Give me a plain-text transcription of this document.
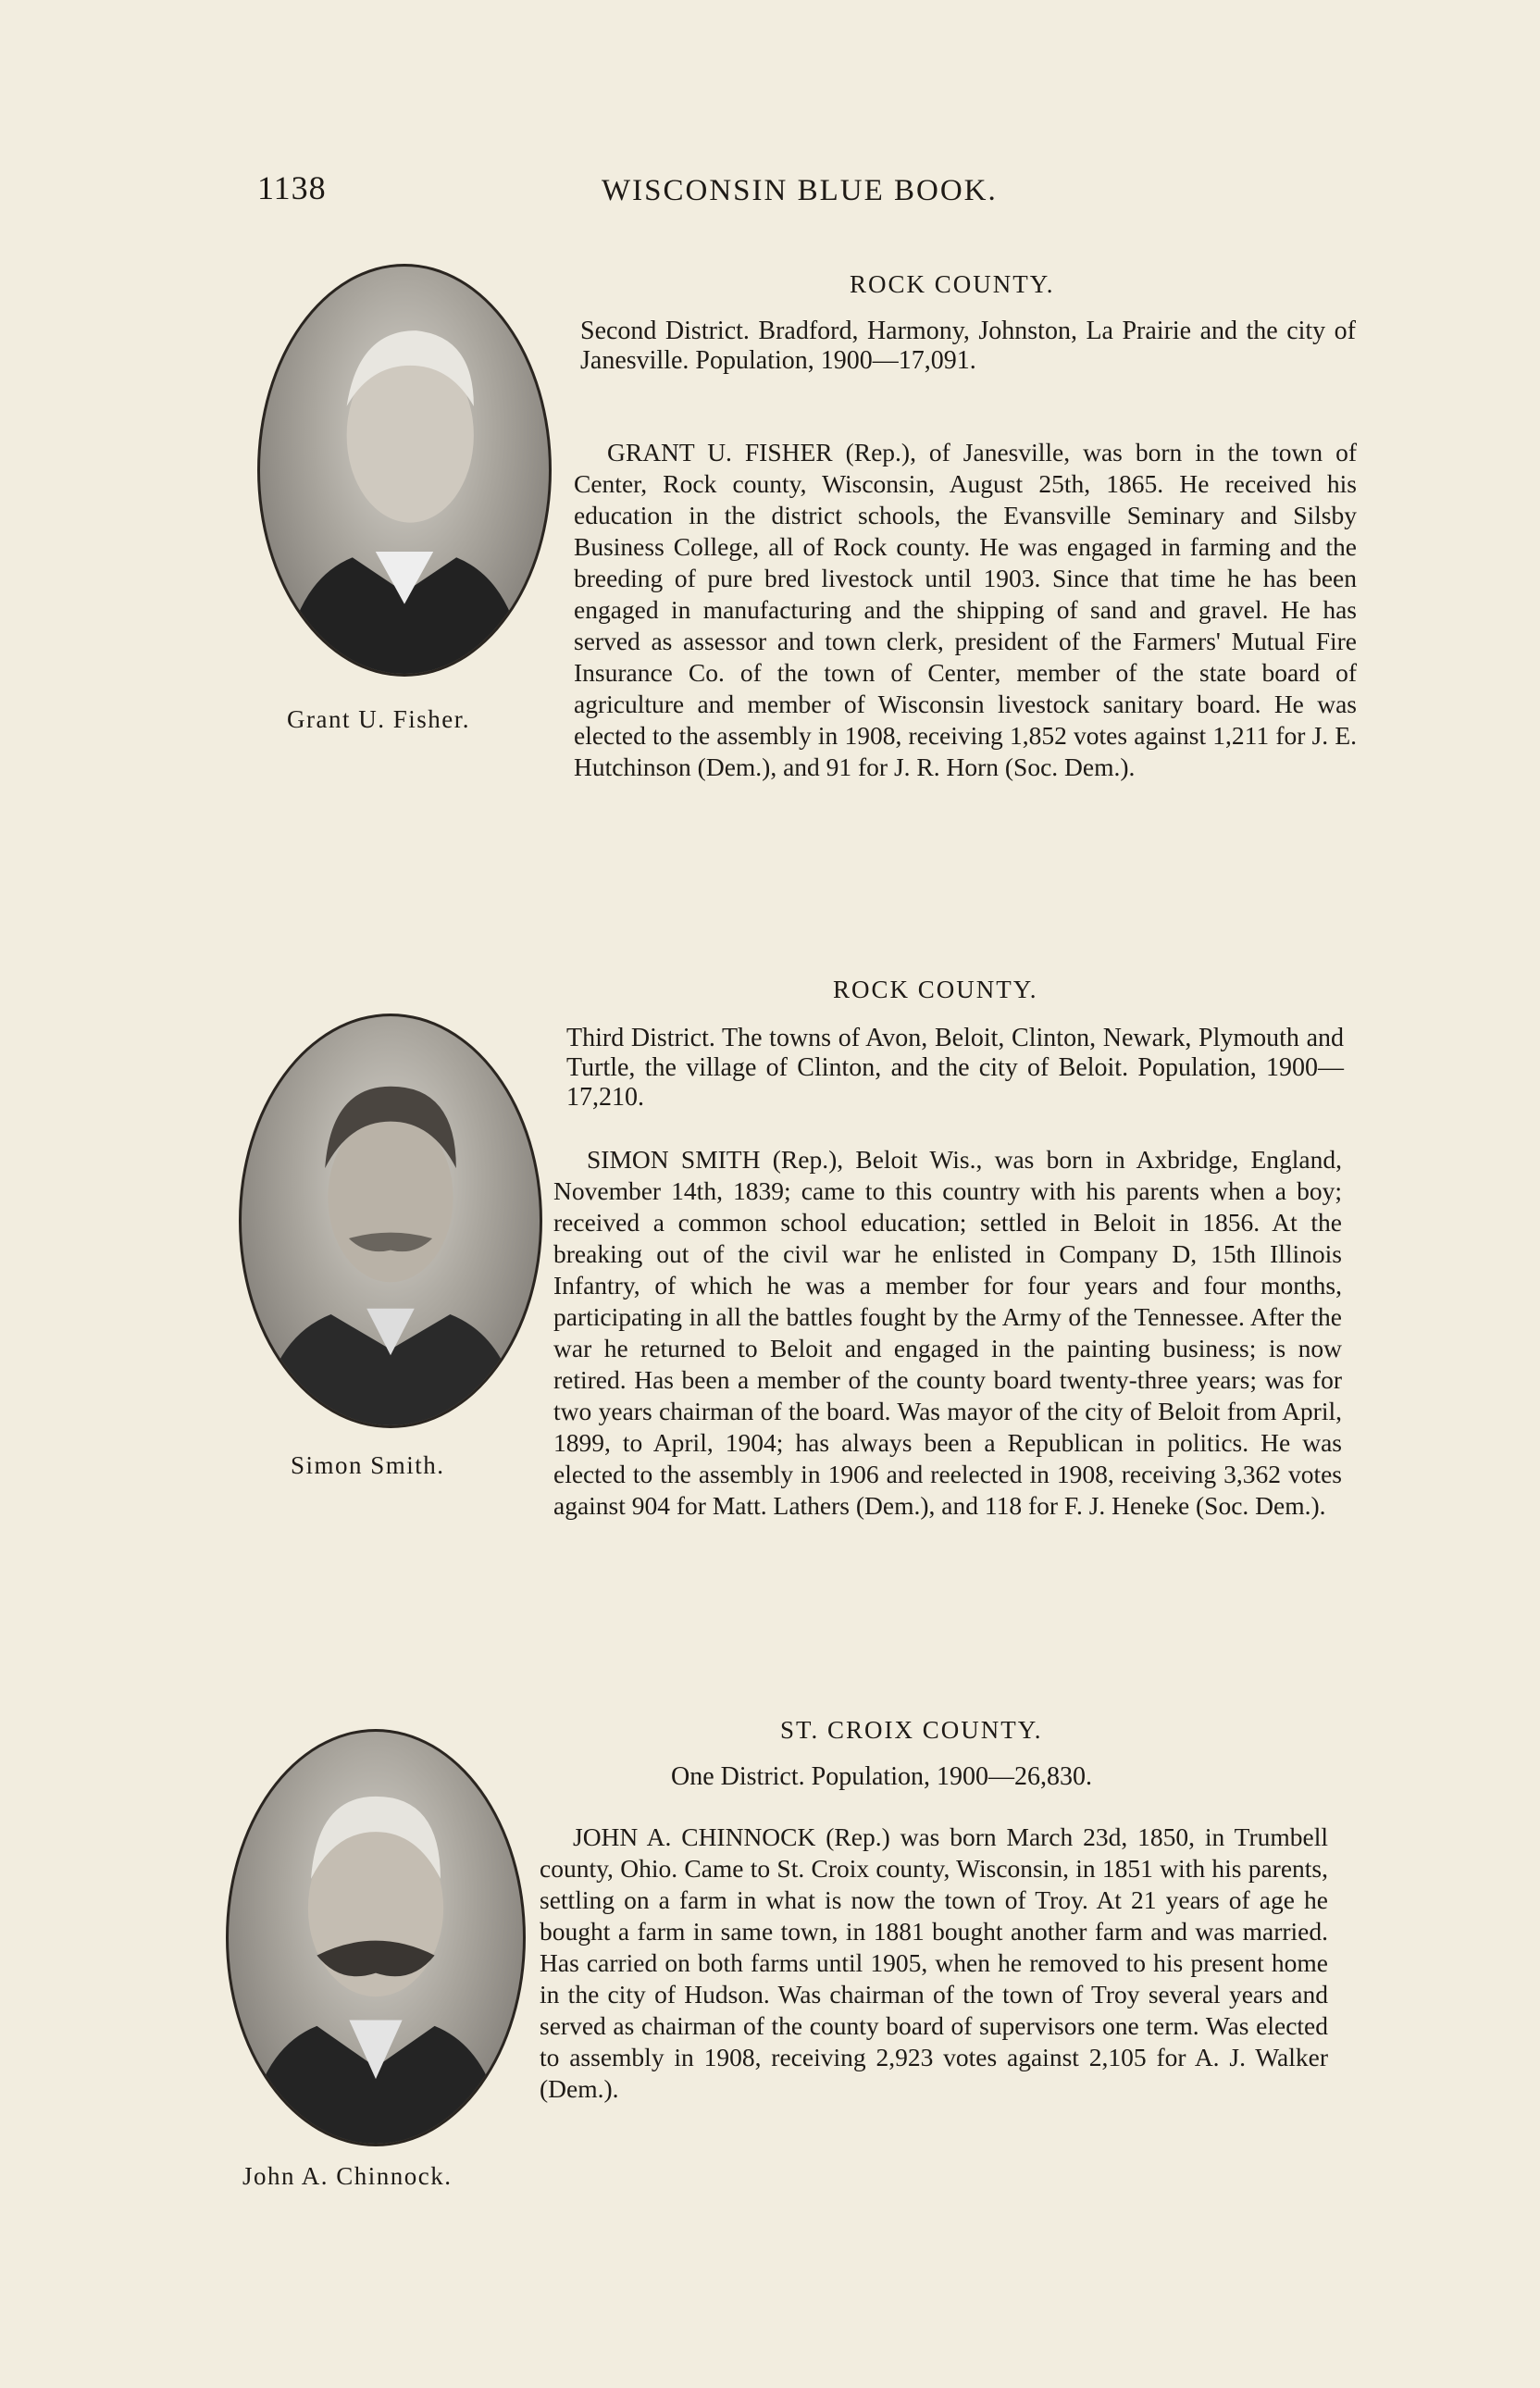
1138	WISCONSIN BLUE BOOK.
Grant U. Fisher.
ROCK COUNTY.
Second District. Bradford, Harmony, Johnston, La Prairie and the city of Janesville. Population, 1900—17,091.
GRANT U. FISHER (Rep.), of Janesville, was born in the town of Center, Rock county, Wisconsin, August 25th, 1865. He received his education in the district schools, the Evansville Seminary and Silsby Business College, all of Rock county. He was engaged in farming and the breeding of pure bred livestock until 1903. Since that time he has been engaged in manufacturing and the shipping of sand and gravel. He has served as assessor and town clerk, president of the Farmers' Mutual Fire Insurance Co. of the town of Center, member of the state board of agriculture and member of Wisconsin livestock sanitary board. He was elected to the assembly in 1908, receiving 1,852 votes against 1,211 for J. E. Hutchinson (Dem.), and 91 for J. R. Horn (Soc. Dem.).
Simon Smith.
ROCK COUNTY.
Third District. The towns of Avon, Beloit, Clinton, Newark, Plymouth and Turtle, the village of Clinton, and the city of Beloit. Population, 1900—17,210.
SIMON SMITH (Rep.), Beloit Wis., was born in Axbridge, England, November 14th, 1839; came to this country with his parents when a boy; received a common school education; settled in Beloit in 1856. At the breaking out of the civil war he enlisted in Company D, 15th Illinois Infantry, of which he was a member for four years and four months, participating in all the battles fought by the Army of the Tennessee. After the war he returned to Beloit and engaged in the painting business; is now retired. Has been a member of the county board twenty-three years; was for two years chairman of the board. Was mayor of the city of Beloit from April, 1899, to April, 1904; has always been a Republican in politics. He was elected to the assembly in 1906 and reelected in 1908, receiving 3,362 votes against 904 for Matt. Lathers (Dem.), and 118 for F. J. Heneke (Soc. Dem.).
John A. Chinnock.
ST. CROIX COUNTY.
One District. Population, 1900—26,830.
JOHN A. CHINNOCK (Rep.) was born March 23d, 1850, in Trumbell county, Ohio. Came to St. Croix county, Wisconsin, in 1851 with his parents, settling on a farm in what is now the town of Troy. At 21 years of age he bought a farm in same town, in 1881 bought another farm and was married. Has carried on both farms until 1905, when he removed to his present home in the city of Hudson. Was chairman of the town of Troy several years and served as chairman of the county board of supervisors one term. Was elected to assembly in 1908, receiving 2,923 votes against 2,105 for A. J. Walker (Dem.).
